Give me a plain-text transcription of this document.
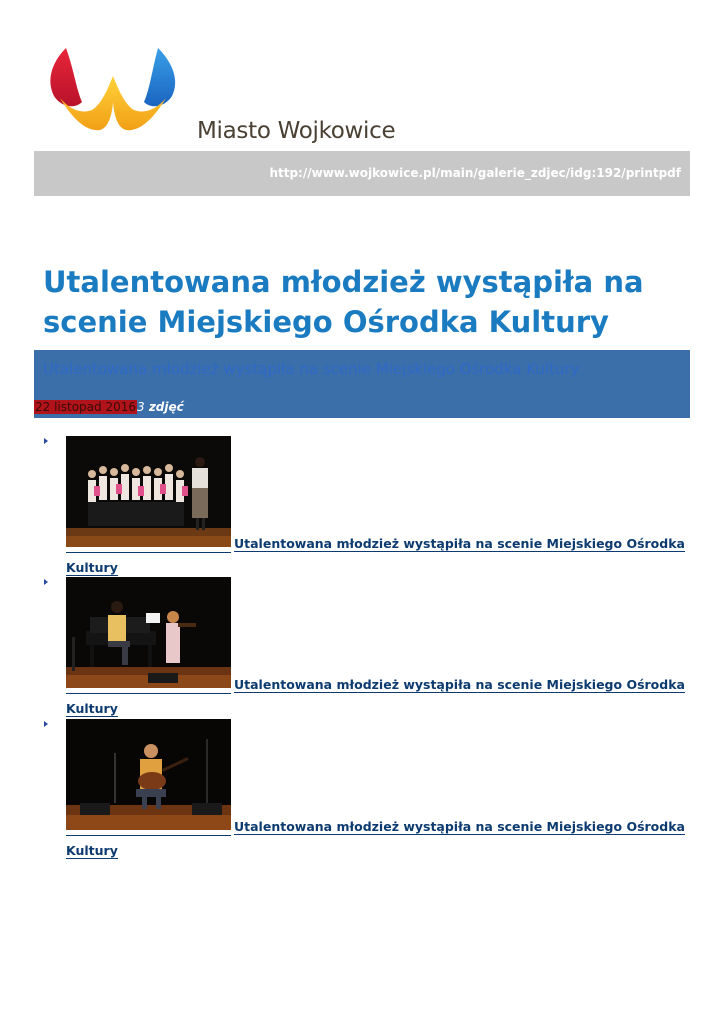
Miasto Wojkowice
http://www.wojkowice.pl/main/galerie_zdjec/idg:192/printpdf
Utalentowana młodzież wystąpiła na scenie Miejskiego Ośrodka Kultury
Utalentowana młodzież wystąpiła na scenie Miejskiego Ośrodka Kultury
22 listopad 20163 zdjęć
Utalentowana młodzież wystąpiła na scenie Miejskiego Ośrodka Kultury
Utalentowana młodzież wystąpiła na scenie Miejskiego Ośrodka Kultury
Utalentowana młodzież wystąpiła na scenie Miejskiego Ośrodka Kultury
